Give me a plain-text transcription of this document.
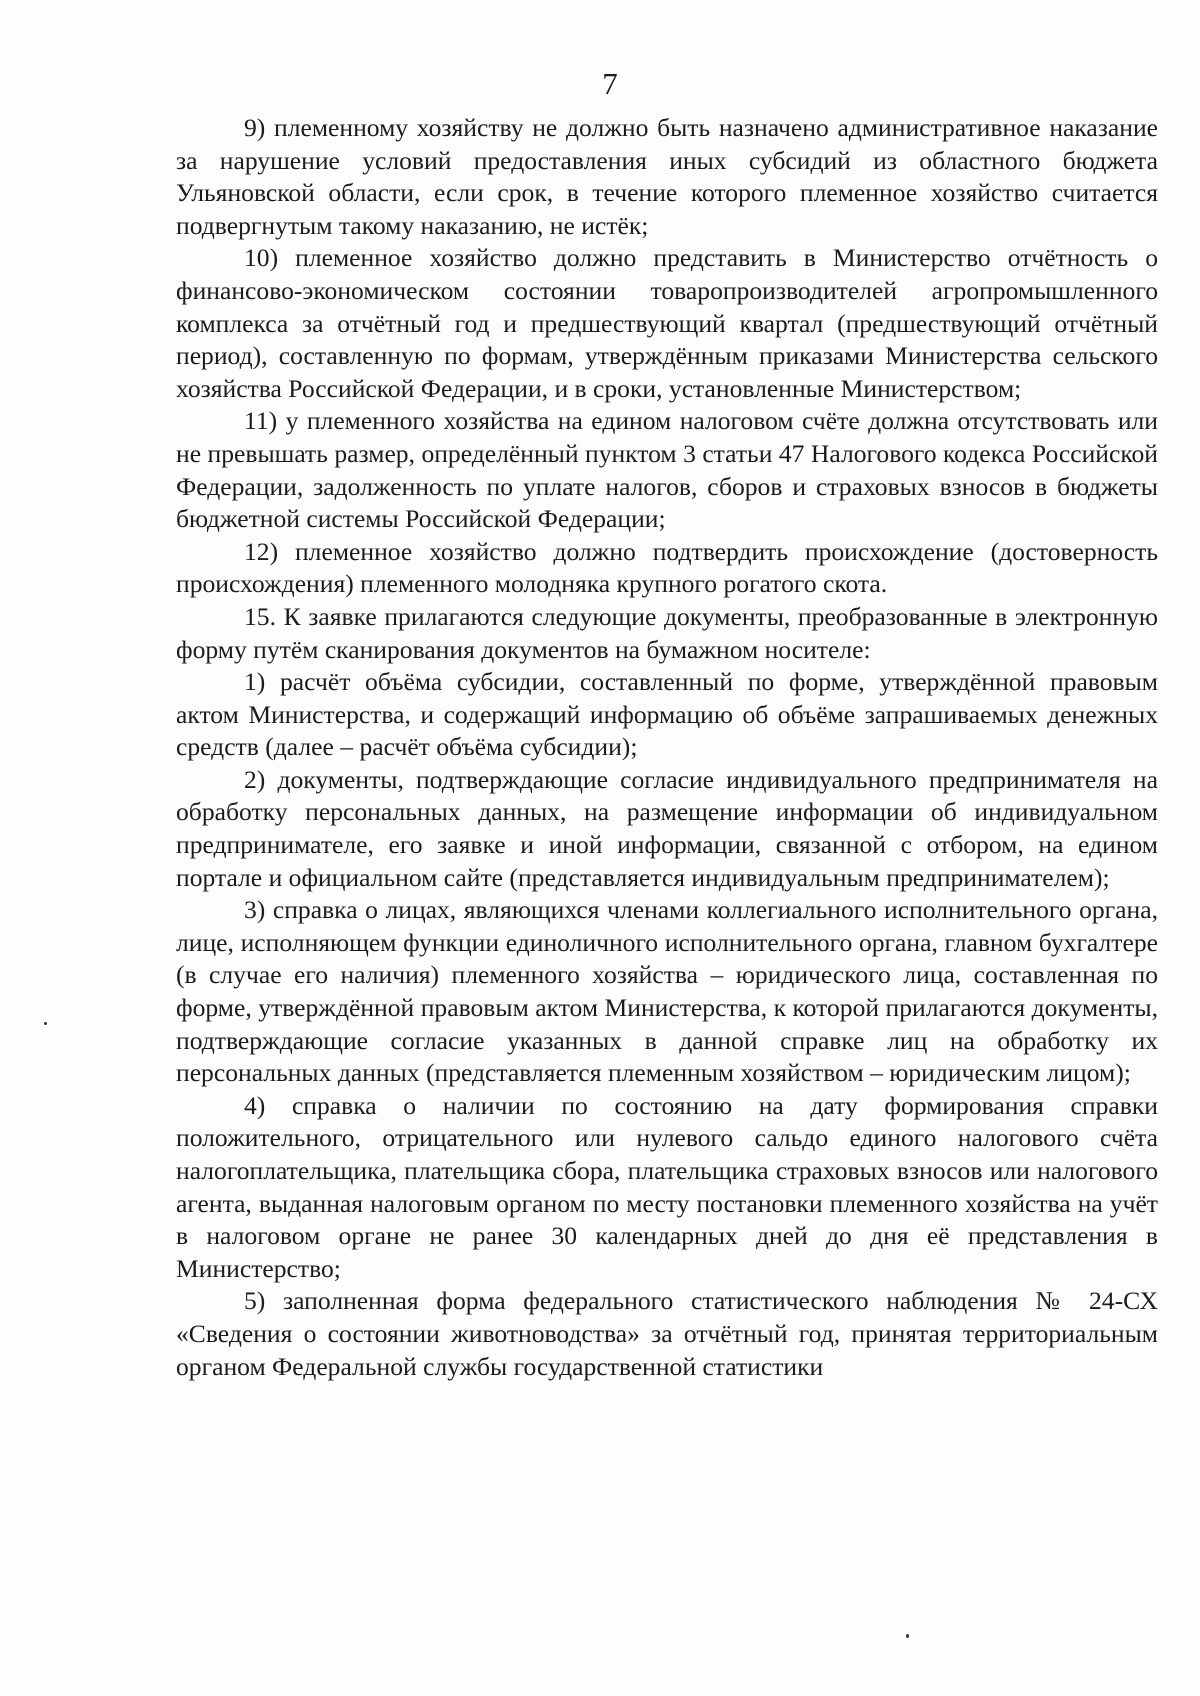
7

9) племенному хозяйству не должно быть назначено административное наказание за нарушение условий предоставления иных субсидий из областного бюджета Ульяновской области, если срок, в течение которого племенное хозяйство считается подвергнутым такому наказанию, не истёк;

10) племенное хозяйство должно представить в Министерство отчётность о финансово-экономическом состоянии товаропроизводителей агропромышленного комплекса за отчётный год и предшествующий квартал (предшествующий отчётный период), составленную по формам, утверждённым приказами Министерства сельского хозяйства Российской Федерации, и в сроки, установленные Министерством;

11) у племенного хозяйства на едином налоговом счёте должна отсутствовать или не превышать размер, определённый пунктом 3 статьи 47 Налогового кодекса Российской Федерации, задолженность по уплате налогов, сборов и страховых взносов в бюджеты бюджетной системы Российской Федерации;

12) племенное хозяйство должно подтвердить происхождение (достоверность происхождения) племенного молодняка крупного рогатого скота.

15. К заявке прилагаются следующие документы, преобразованные в электронную форму путём сканирования документов на бумажном носителе:

1) расчёт объёма субсидии, составленный по форме, утверждённой правовым актом Министерства, и содержащий информацию об объёме запрашиваемых денежных средств (далее – расчёт объёма субсидии);

2) документы, подтверждающие согласие индивидуального предпринимателя на обработку персональных данных, на размещение информации об индивидуальном предпринимателе, его заявке и иной информации, связанной с отбором, на едином портале и официальном сайте (представляется индивидуальным предпринимателем);

3) справка о лицах, являющихся членами коллегиального исполнительного органа, лице, исполняющем функции единоличного исполнительного органа, главном бухгалтере (в случае его наличия) племенного хозяйства – юридического лица, составленная по форме, утверждённой правовым актом Министерства, к которой прилагаются документы, подтверждающие согласие указанных в данной справке лиц на обработку их персональных данных (представляется племенным хозяйством – юридическим лицом);

4) справка о наличии по состоянию на дату формирования справки положительного, отрицательного или нулевого сальдо единого налогового счёта налогоплательщика, плательщика сбора, плательщика страховых взносов или налогового агента, выданная налоговым органом по месту постановки племенного хозяйства на учёт в налоговом органе не ранее 30 календарных дней до дня её представления в Министерство;

5) заполненная форма федерального статистического наблюдения № 24-СХ «Сведения о состоянии животноводства» за отчётный год, принятая территориальным органом Федеральной службы государственной статистики
